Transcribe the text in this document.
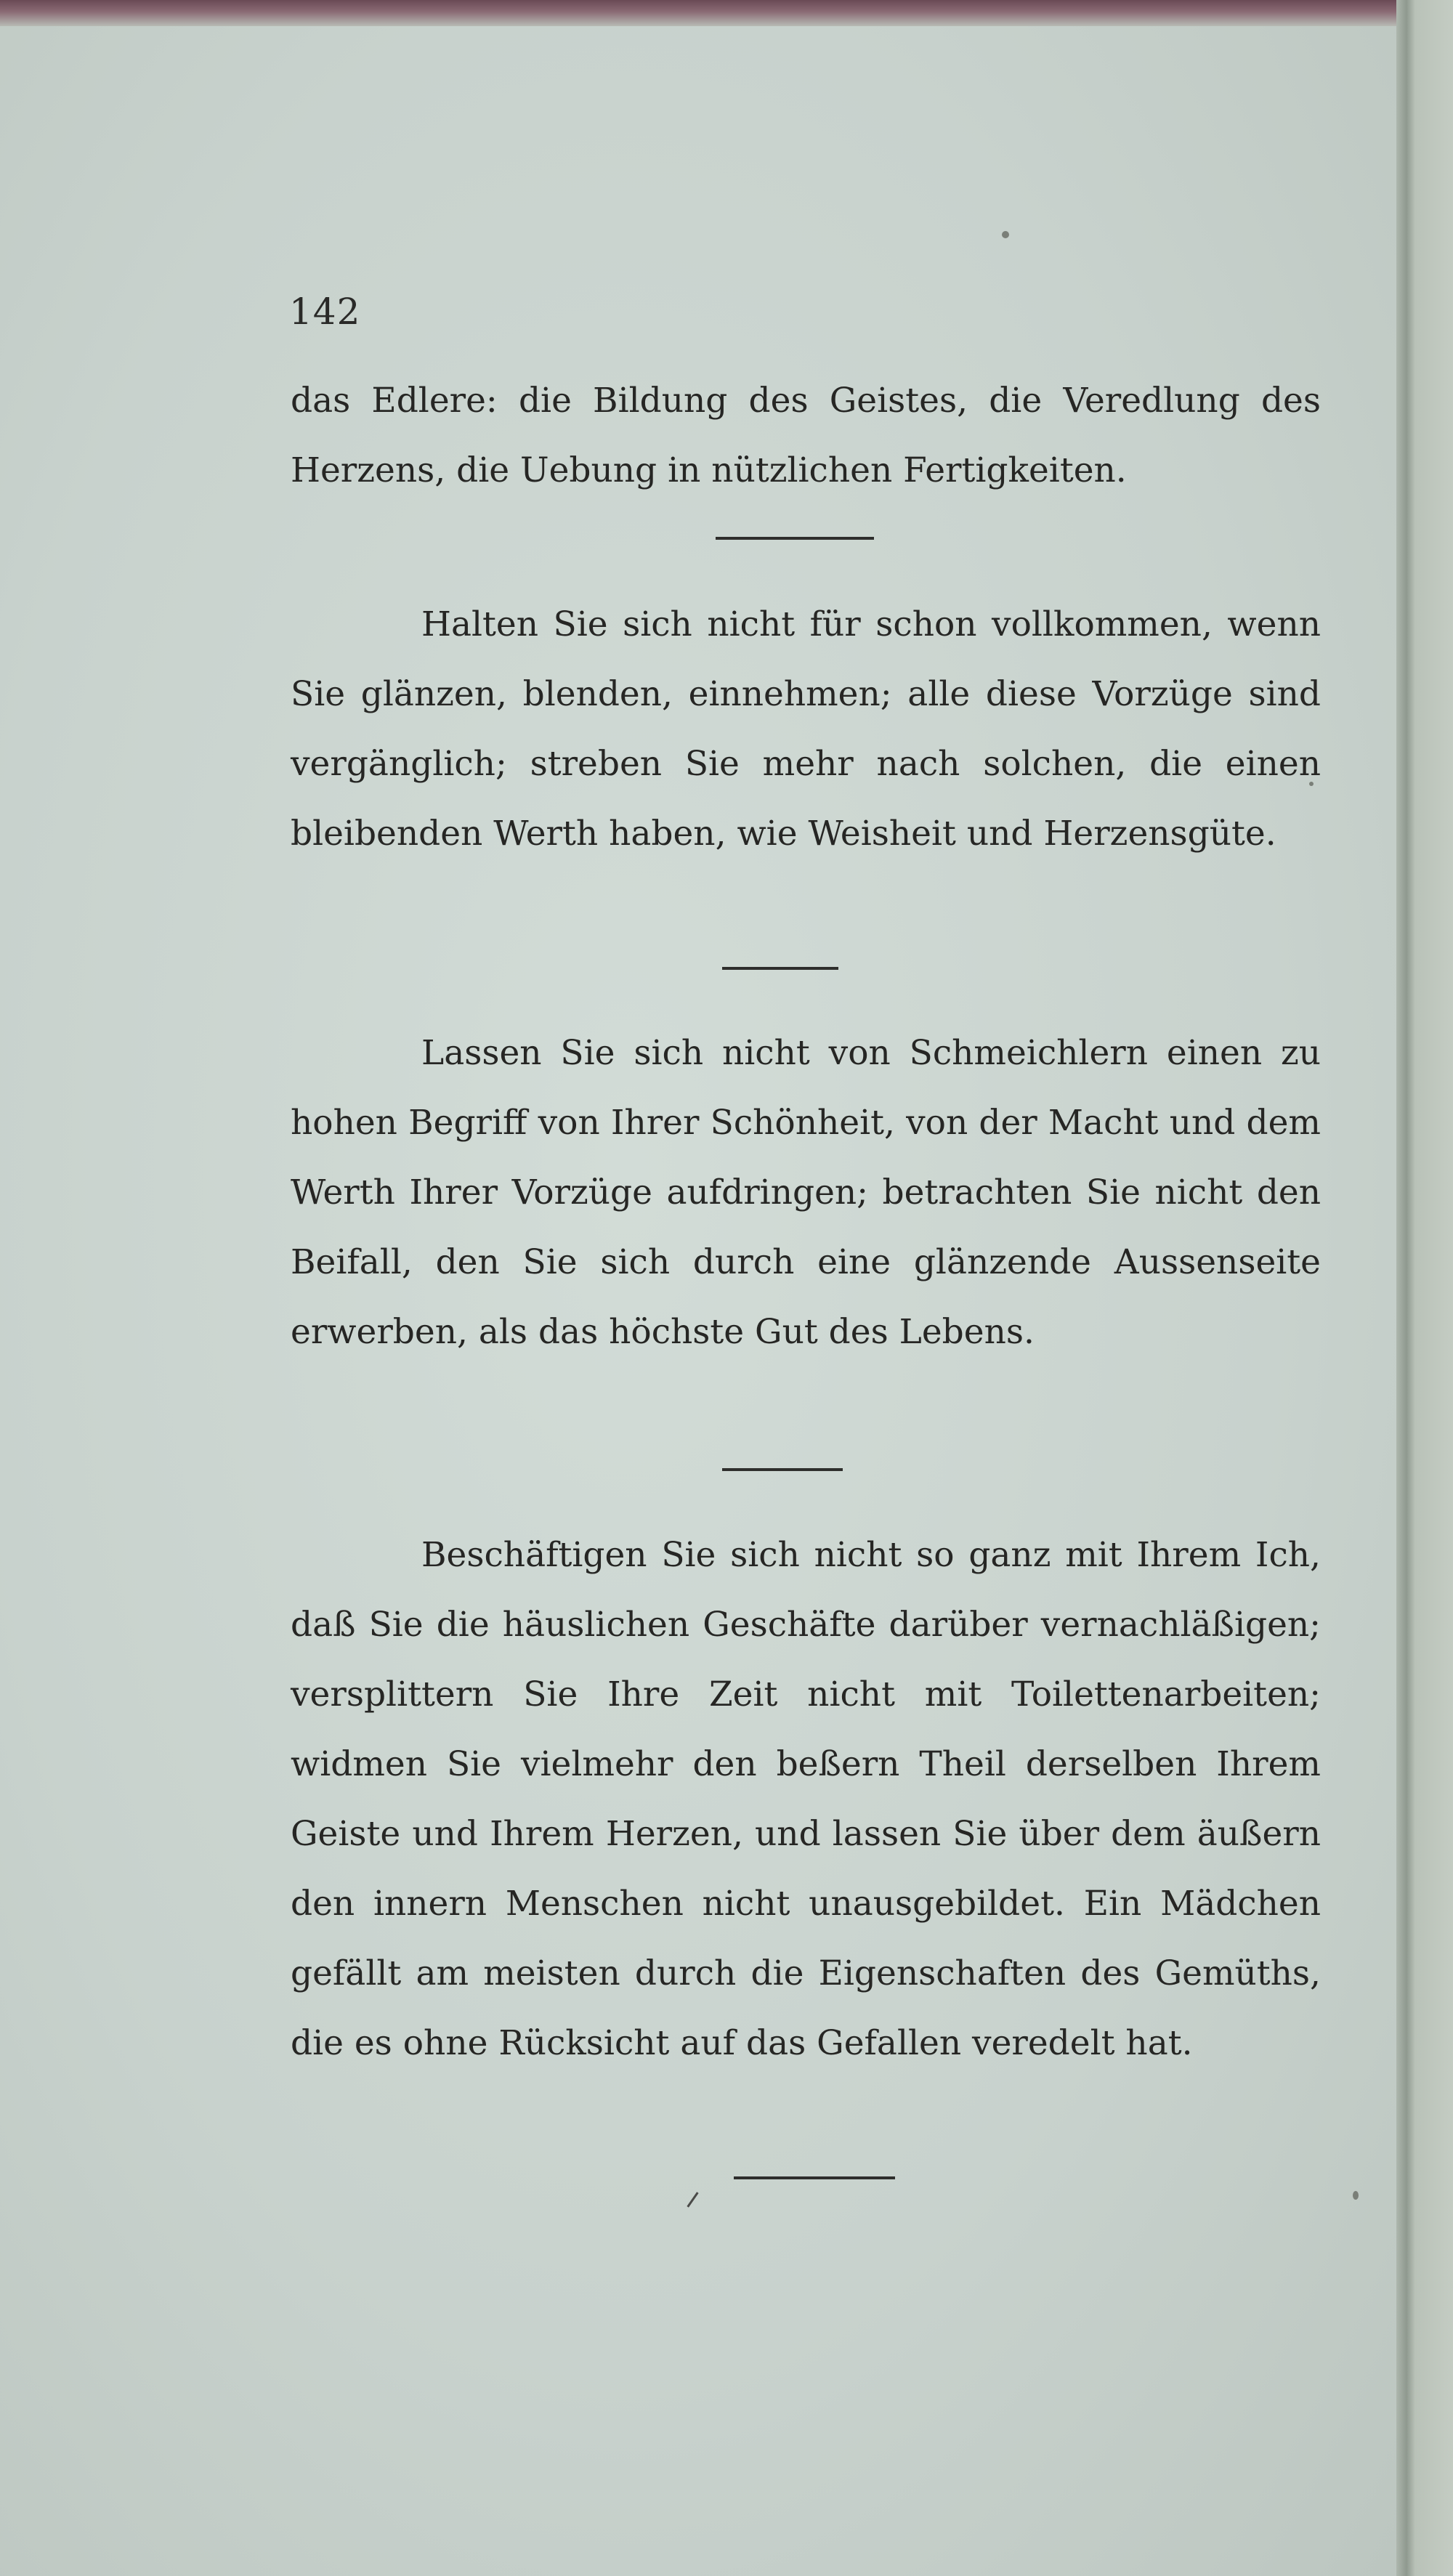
142

das Edlere: die Bildung des Geistes, die Veredlung des Herzens, die Uebung in nützlichen Fertigkeiten.

Halten Sie sich nicht für schon vollkommen, wenn Sie glänzen, blenden, einnehmen; alle diese Vorzüge sind vergänglich; streben Sie mehr nach solchen, die einen bleibenden Werth haben, wie Weisheit und Herzensgüte.

Lassen Sie sich nicht von Schmeichlern einen zu hohen Begriff von Ihrer Schönheit, von der Macht und dem Werth Ihrer Vorzüge aufdringen; betrachten Sie nicht den Beifall, den Sie sich durch eine glänzende Aussenseite erwerben, als das höchste Gut des Lebens.

Beschäftigen Sie sich nicht so ganz mit Ihrem Ich, daß Sie die häuslichen Geschäfte darüber vernachläßigen; versplittern Sie Ihre Zeit nicht mit Toilettenarbeiten; widmen Sie vielmehr den beßern Theil derselben Ihrem Geiste und Ihrem Herzen, und lassen Sie über dem äußern den innern Menschen nicht unausgebildet. Ein Mädchen gefällt am meisten durch die Eigenschaften des Gemüths, die es ohne Rücksicht auf das Gefallen veredelt hat.
